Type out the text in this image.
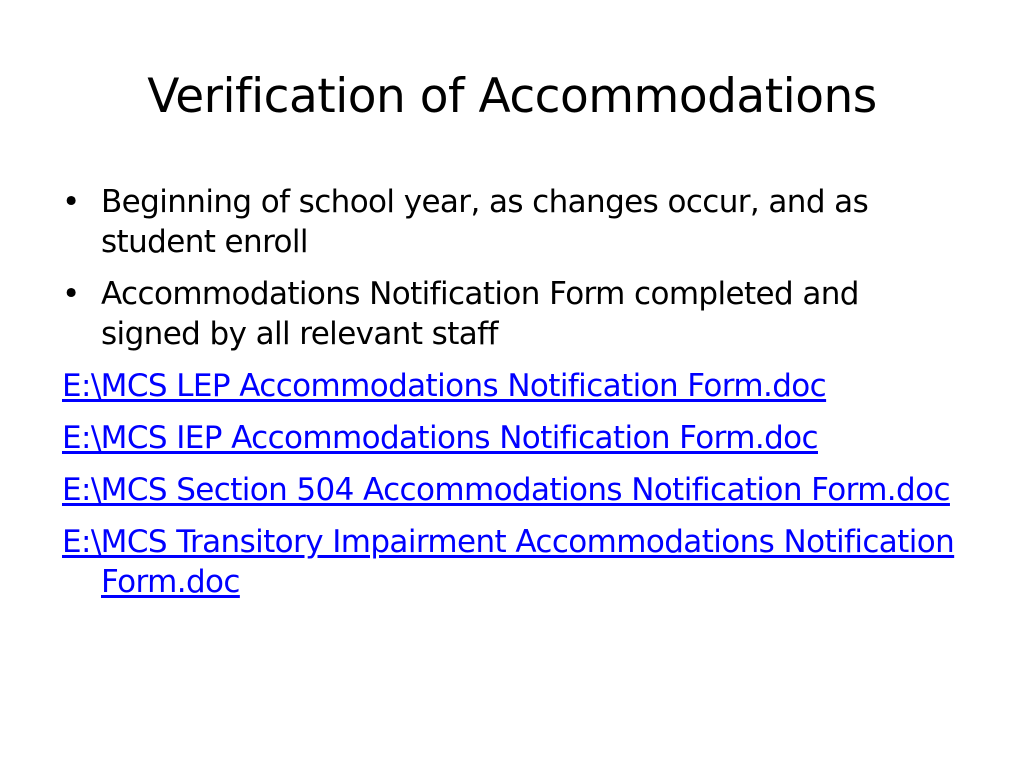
Verification of Accommodations
• Beginning of school year, as changes occur, and as student enroll
• Accommodations Notification Form completed and signed by all relevant staff
E:\MCS LEP Accommodations Notification Form.doc
E:\MCS IEP Accommodations Notification Form.doc
E:\MCS Section 504 Accommodations Notification Form.doc
E:\MCS Transitory Impairment Accommodations Notification Form.doc
